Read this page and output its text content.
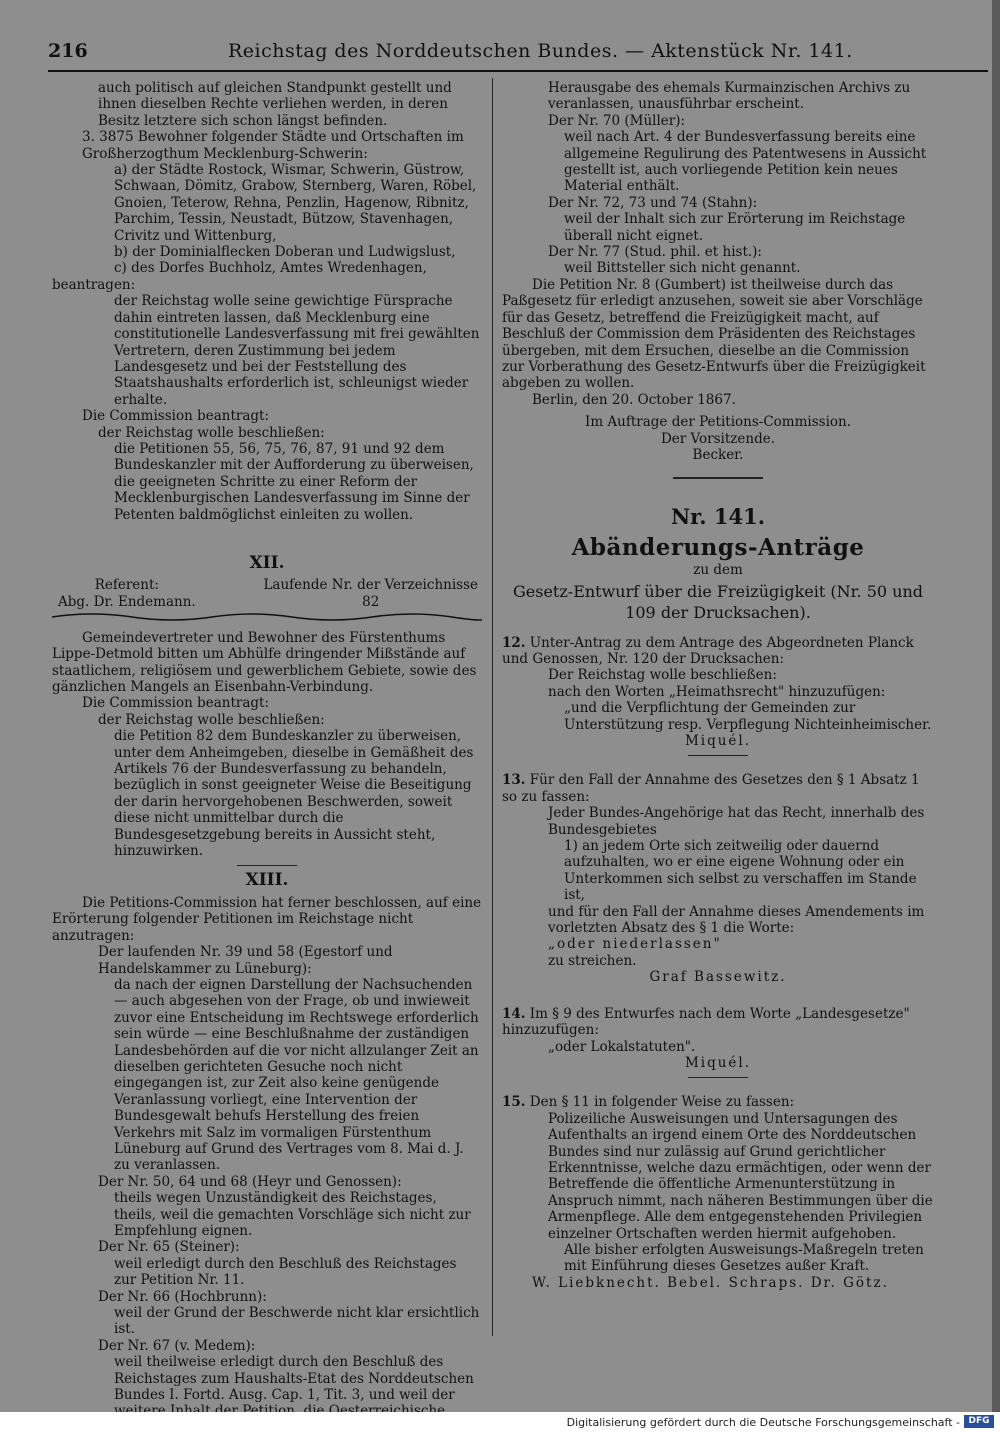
216	Reichstag des Norddeutschen Bundes. — Aktenstück Nr. 141.

auch politisch auf gleichen Standpunkt gestellt und ihnen dieselben Rechte verliehen werden, in deren Besitz letztere sich schon längst befinden.

3. 3875 Bewohner folgender Städte und Ortschaften im Großherzogthum Mecklenburg-Schwerin:

a) der Städte Rostock, Wismar, Schwerin, Güstrow, Schwaan, Dömitz, Grabow, Sternberg, Waren, Röbel, Gnoien, Teterow, Rehna, Penzlin, Hagenow, Ribnitz, Parchim, Tessin, Neustadt, Bützow, Stavenhagen, Crivitz und Wittenburg,

b) der Dominialflecken Doberan und Ludwigslust,

c) des Dorfes Buchholz, Amtes Wredenhagen,

beantragen:

der Reichstag wolle seine gewichtige Fürsprache dahin eintreten lassen, daß Mecklenburg eine constitutionelle Landesverfassung mit frei gewählten Vertretern, deren Zustimmung bei jedem Landesgesetz und bei der Feststellung des Staatshaushalts erforderlich ist, schleunigst wieder erhalte.

Die Commission beantragt:

der Reichstag wolle beschließen:

die Petitionen 55, 56, 75, 76, 87, 91 und 92 dem Bundeskanzler mit der Aufforderung zu überweisen, die geeigneten Schritte zu einer Reform der Mecklenburgischen Landesverfassung im Sinne der Petenten baldmöglichst einleiten zu wollen.

XII.

Referent:

Abg. Dr. Endemann.

Laufende Nr. der Verzeichnisse

82

Gemeindevertreter und Bewohner des Fürstenthums Lippe-Detmold bitten um Abhülfe dringender Mißstände auf staatlichem, religiösem und gewerblichem Gebiete, sowie des gänzlichen Mangels an Eisenbahn-Verbindung.

Die Commission beantragt:

der Reichstag wolle beschließen:

die Petition 82 dem Bundeskanzler zu überweisen, unter dem Anheimgeben, dieselbe in Gemäßheit des Artikels 76 der Bundesverfassung zu behandeln, bezüglich in sonst geeigneter Weise die Beseitigung der darin hervorgehobenen Beschwerden, soweit diese nicht unmittelbar durch die Bundesgesetzgebung bereits in Aussicht steht, hinzuwirken.

XIII.

Die Petitions-Commission hat ferner beschlossen, auf eine Erörterung folgender Petitionen im Reichstage nicht anzutragen:

Der laufenden Nr. 39 und 58 (Egestorf und Handelskammer zu Lüneburg):

da nach der eignen Darstellung der Nachsuchenden — auch abgesehen von der Frage, ob und inwieweit zuvor eine Entscheidung im Rechtswege erforderlich sein würde — eine Beschlußnahme der zuständigen Landesbehörden auf die vor nicht allzulanger Zeit an dieselben gerichteten Gesuche noch nicht eingegangen ist, zur Zeit also keine genügende Veranlassung vorliegt, eine Intervention der Bundesgewalt behufs Herstellung des freien Verkehrs mit Salz im vormaligen Fürstenthum Lüneburg auf Grund des Vertrages vom 8. Mai d. J. zu veranlassen.

Der Nr. 50, 64 und 68 (Heyr und Genossen):

theils wegen Unzuständigkeit des Reichstages, theils, weil die gemachten Vorschläge sich nicht zur Empfehlung eignen.

Der Nr. 65 (Steiner):

weil erledigt durch den Beschluß des Reichstages zur Petition Nr. 11.

Der Nr. 66 (Hochbrunn):

weil der Grund der Beschwerde nicht klar ersichtlich ist.

Der Nr. 67 (v. Medem):

weil theilweise erledigt durch den Beschluß des Reichstages zum Haushalts-Etat des Norddeutschen Bundes I. Fortd. Ausg. Cap. 1, Tit. 3, und weil der

Herausgabe des ehemals Kurmainzischen Archivs zu veranlassen, unausführbar erscheint.

Der Nr. 70 (Müller):

weil nach Art. 4 der Bundesverfassung bereits eine allgemeine Regulirung des Patentwesens in Aussicht gestellt ist, auch vorliegende Petition kein neues Material enthält.

Der Nr. 72, 73 und 74 (Stahn):

weil der Inhalt sich zur Erörterung im Reichstage überall nicht eignet.

Der Nr. 77 (Stud. phil. et hist.):

weil Bittsteller sich nicht genannt.

Die Petition Nr. 8 (Gumbert) ist theilweise durch das Paßgesetz für erledigt anzusehen, soweit sie aber Vorschläge für das Gesetz, betreffend die Freizügigkeit macht, auf Beschluß der Commission dem Präsidenten des Reichstages übergeben, mit dem Ersuchen, dieselbe an die Commission zur Vorberathung des Gesetz-Entwurfs über die Freizügigkeit abgeben zu wollen.

Berlin, den 20. October 1867.

Im Auftrage der Petitions-Commission.

Der Vorsitzende.

Becker.

Nr. 141.
Abänderungs-Anträge

zu dem

Gesetz-Entwurf über die Freizügigkeit (Nr. 50 und 109 der Drucksachen).

12. Unter-Antrag zu dem Antrage des Abgeordneten Planck und Genossen, Nr. 120 der Drucksachen:

Der Reichstag wolle beschließen:

nach den Worten „Heimathsrecht" hinzuzufügen:

„und die Verpflichtung der Gemeinden zur Unterstützung resp. Verpflegung Nichteinheimischer.

Miquél.

13. Für den Fall der Annahme des Gesetzes den § 1 Absatz 1 so zu fassen:

Jeder Bundes-Angehörige hat das Recht, innerhalb des Bundesgebietes

1) an jedem Orte sich zeitweilig oder dauernd aufzuhalten, wo er eine eigene Wohnung oder ein Unterkommen sich selbst zu verschaffen im Stande ist,

und für den Fall der Annahme dieses Amendements im vorletzten Absatz des § 1 die Worte:

„oder niederlassen"

zu streichen.

Graf Bassewitz.

14. Im § 9 des Entwurfes nach dem Worte „Landesgesetze" hinzuzufügen:

„oder Lokalstatuten".

Miquél.

15. Den § 11 in folgender Weise zu fassen:

Polizeiliche Ausweisungen und Untersagungen des Aufenthalts an irgend einem Orte des Norddeutschen Bundes sind nur zulässig auf Grund gerichtlicher Erkenntnisse, welche dazu ermächtigen, oder wenn der Betreffende die öffentliche Armenunterstützung in Anspruch nimmt, nach näheren Bestimmungen über die Armenpflege. Alle dem entgegenstehenden Privilegien einzelner Ortschaften werden hiermit aufgehoben.

Alle bisher erfolgten Ausweisungs-Maßregeln treten mit Einführung dieses Gesetzes außer Kraft.

W. Liebknecht. Bebel. Schraps. Dr. Götz.

Digitalisierung gefördert durch die Deutsche Forschungsgemeinschaft - DFG
